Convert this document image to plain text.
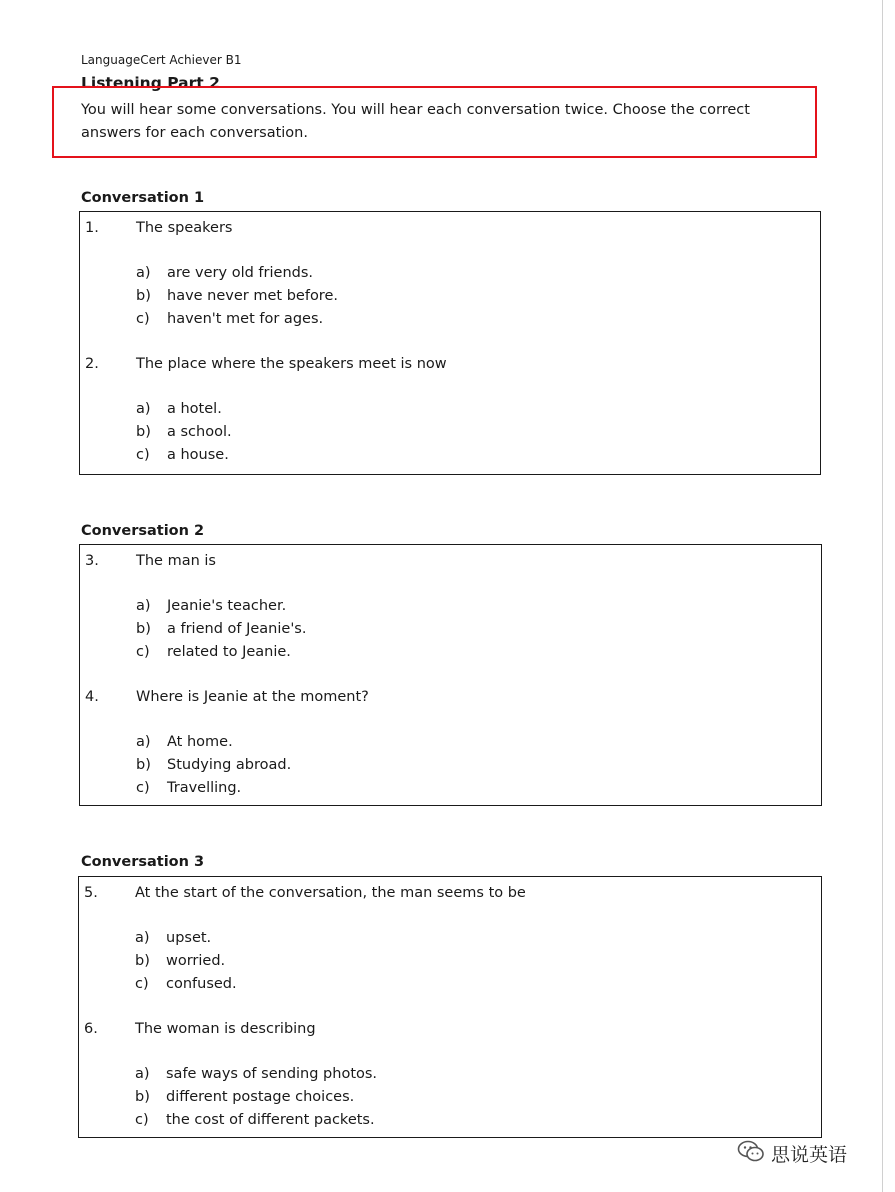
LanguageCert Achiever B1
Listening Part 2
You will hear some conversations. You will hear each conversation twice. Choose the correct answers for each conversation.
Conversation 1
1.	The speakers
a) are very old friends.
b) have never met before.
c) haven't met for ages.
2.	The place where the speakers meet is now
a) a hotel.
b) a school.
c) a house.
Conversation 2
3.	The man is
a) Jeanie's teacher.
b) a friend of Jeanie's.
c) related to Jeanie.
4.	Where is Jeanie at the moment?
a) At home.
b) Studying abroad.
c) Travelling.
Conversation 3
5.	At the start of the conversation, the man seems to be
a) upset.
b) worried.
c) confused.
6.	The woman is describing
a) safe ways of sending photos.
b) different postage choices.
c) the cost of different packets.
思说英语
